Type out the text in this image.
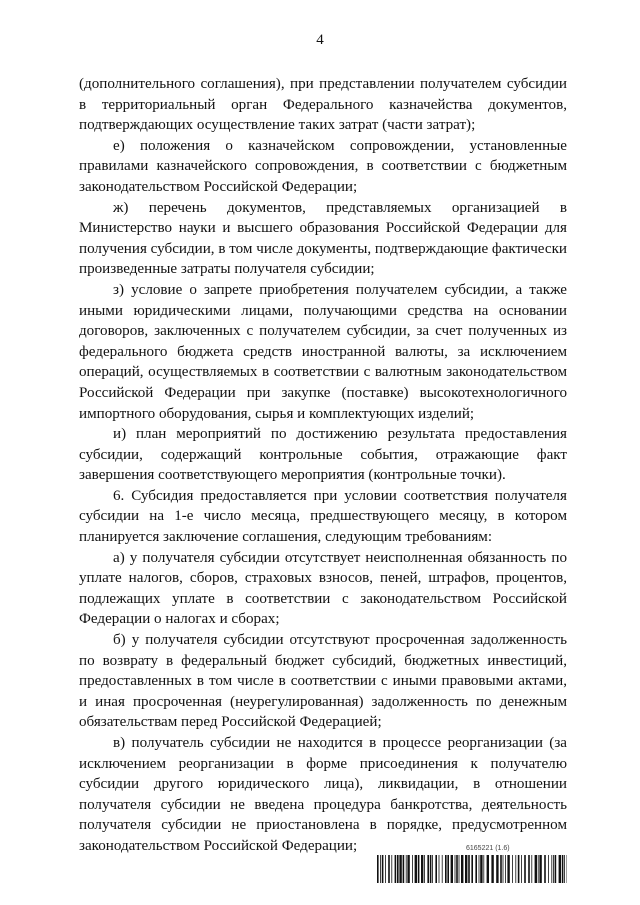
4

(дополнительного соглашения), при представлении получателем субсидии в территориальный орган Федерального казначейства документов, подтверждающих осуществление таких затрат (части затрат);

е) положения о казначейском сопровождении, установленные правилами казначейского сопровождения, в соответствии с бюджетным законодательством Российской Федерации;

ж) перечень документов, представляемых организацией в Министерство науки и высшего образования Российской Федерации для получения субсидии, в том числе документы, подтверждающие фактически произведенные затраты получателя субсидии;

з) условие о запрете приобретения получателем субсидии, а также иными юридическими лицами, получающими средства на основании договоров, заключенных с получателем субсидии, за счет полученных из федерального бюджета средств иностранной валюты, за исключением операций, осуществляемых в соответствии с валютным законодательством Российской Федерации при закупке (поставке) высокотехнологичного импортного оборудования, сырья и комплектующих изделий;

и) план мероприятий по достижению результата предоставления субсидии, содержащий контрольные события, отражающие факт завершения соответствующего мероприятия (контрольные точки).

6. Субсидия предоставляется при условии соответствия получателя субсидии на 1-е число месяца, предшествующего месяцу, в котором планируется заключение соглашения, следующим требованиям:

а) у получателя субсидии отсутствует неисполненная обязанность по уплате налогов, сборов, страховых взносов, пеней, штрафов, процентов, подлежащих уплате в соответствии с законодательством Российской Федерации о налогах и сборах;

б) у получателя субсидии отсутствуют просроченная задолженность по возврату в федеральный бюджет субсидий, бюджетных инвестиций, предоставленных в том числе в соответствии с иными правовыми актами, и иная просроченная (неурегулированная) задолженность по денежным обязательствам перед Российской Федерацией;

в) получатель субсидии не находится в процессе реорганизации (за исключением реорганизации в форме присоединения к получателю субсидии другого юридического лица), ликвидации, в отношении получателя субсидии не введена процедура банкротства, деятельность получателя субсидии не приостановлена в порядке, предусмотренном законодательством Российской Федерации;	6165221 (1.6)
